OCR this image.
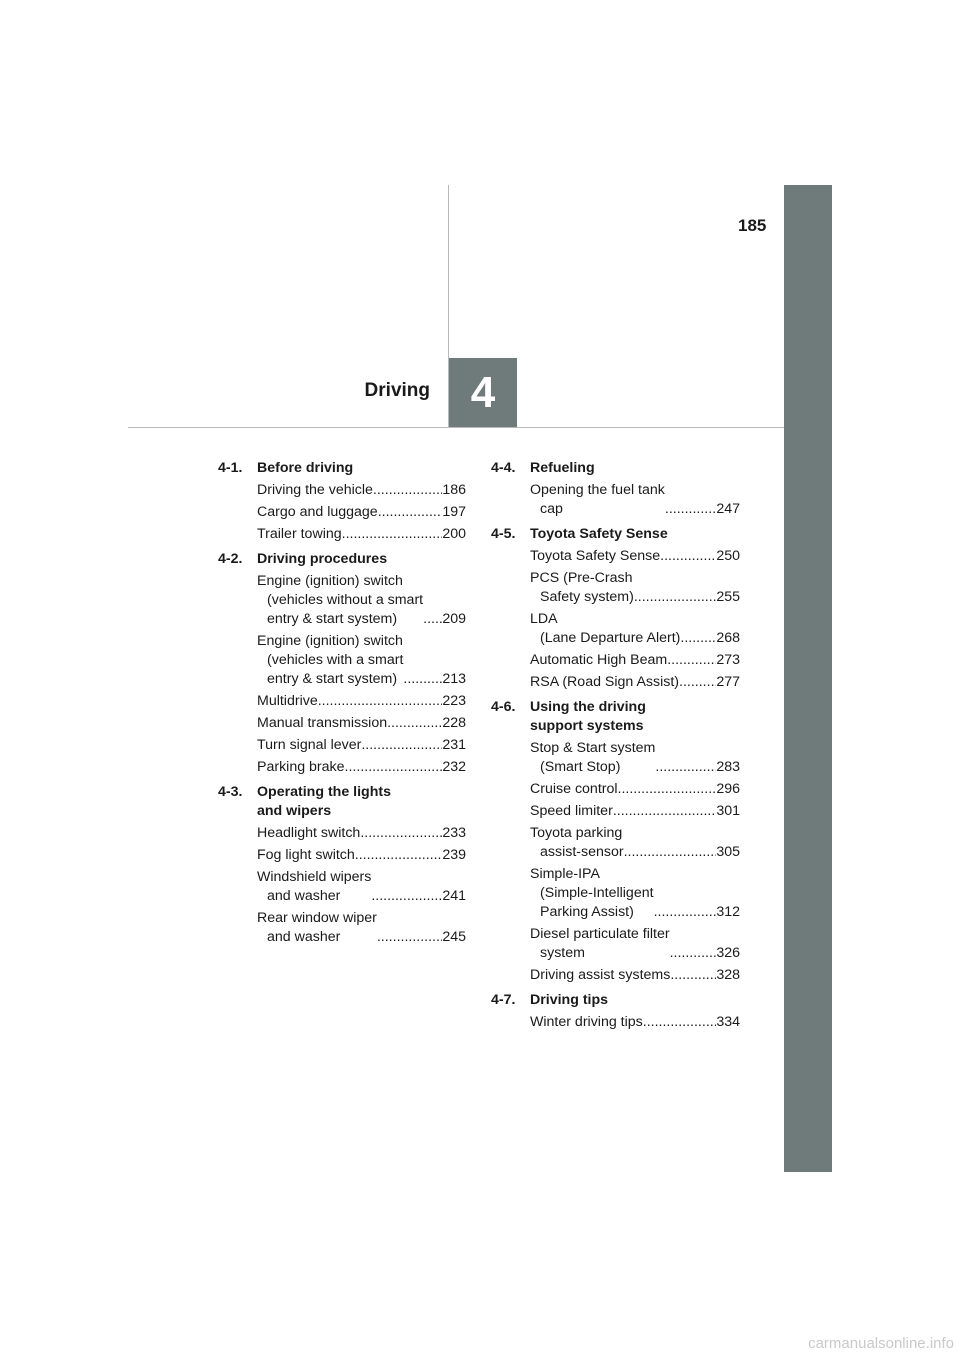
185
4
Driving
4-1.	Before driving
Driving the vehicle .....	186
Cargo and luggage .....	197
Trailer towing .....	200
4-2.	Driving procedures
Engine (ignition) switch
(vehicles without a smart
entry & start system) .....	209
Engine (ignition) switch
(vehicles with a smart
entry & start system) .....	213
Multidrive .....	223
Manual transmission .....	228
Turn signal lever .....	231
Parking brake .....	232
4-3.	Operating the lights
and wipers
Headlight switch .....	233
Fog light switch .....	239
Windshield wipers
and washer .....	241
Rear window wiper
and washer .....	245
4-4.	Refueling
Opening the fuel tank
cap .....	247
4-5.	Toyota Safety Sense
Toyota Safety Sense .....	250
PCS (Pre-Crash
Safety system) .....	255
LDA
(Lane Departure Alert) .....	268
Automatic High Beam .....	273
RSA (Road Sign Assist) .....	277
4-6.	Using the driving
support systems
Stop & Start system
(Smart Stop) .....	283
Cruise control .....	296
Speed limiter .....	301
Toyota parking
assist-sensor .....	305
Simple-IPA
(Simple-Intelligent
Parking Assist) .....	312
Diesel particulate filter
system .....	326
Driving assist systems .....	328
4-7.	Driving tips
Winter driving tips .....	334
carmanualsonline.info
